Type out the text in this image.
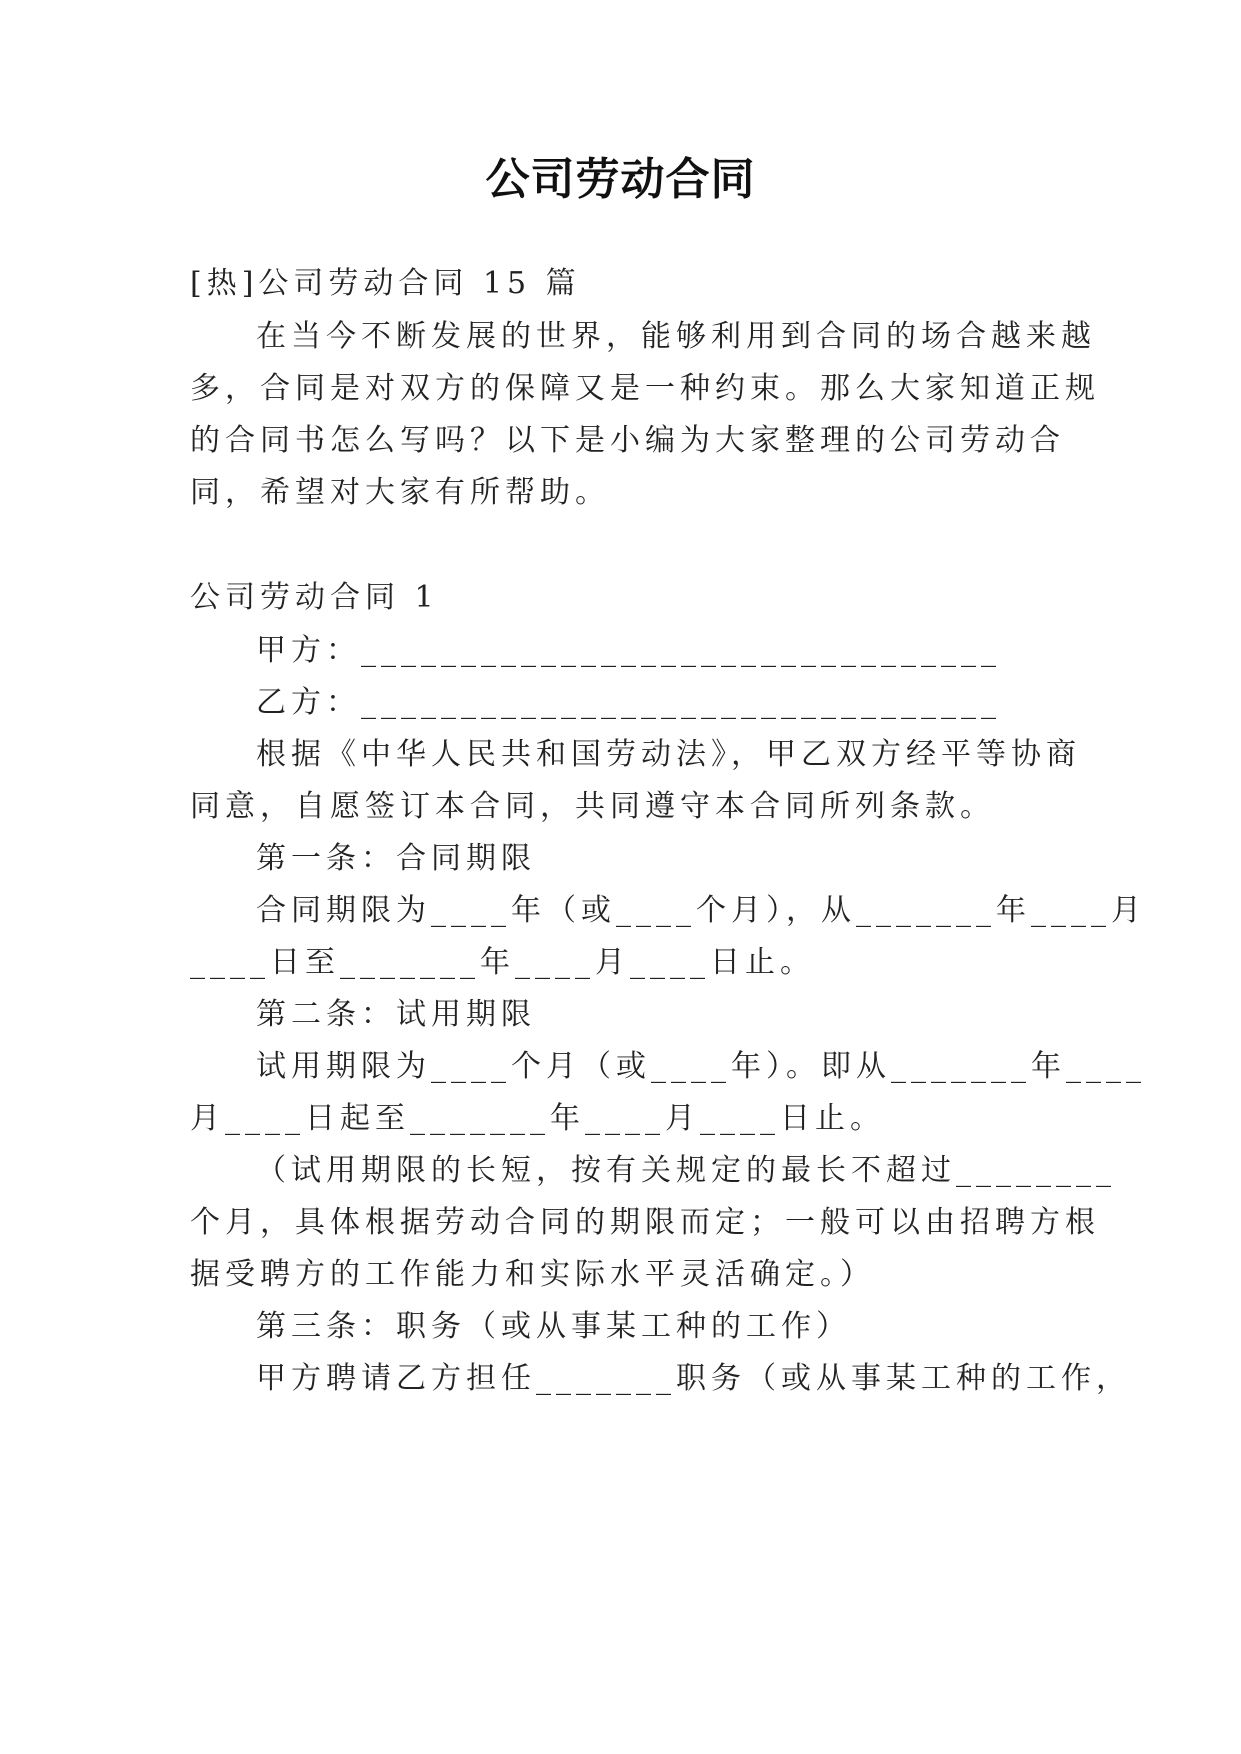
公司劳动合同
[热]公司劳动合同 15 篇
在当今不断发展的世界，能够利用到合同的场合越来越
多，合同是对双方的保障又是一种约束。那么大家知道正规
的合同书怎么写吗？以下是小编为大家整理的公司劳动合
同，希望对大家有所帮助。
公司劳动合同 1
甲方：________________________________
乙方：________________________________
根据《中华人民共和国劳动法》，甲乙双方经平等协商
同意，自愿签订本合同，共同遵守本合同所列条款。
第一条：合同期限
合同期限为____年（或____个月），从_______年____月
____日至_______年____月____日止。
第二条：试用期限
试用期限为____个月（或____年）。即从_______年____
月____日起至_______年____月____日止。
（试用期限的长短，按有关规定的最长不超过________
个月，具体根据劳动合同的期限而定；一般可以由招聘方根
据受聘方的工作能力和实际水平灵活确定。）
第三条：职务（或从事某工种的工作）
甲方聘请乙方担任_______职务（或从事某工种的工作，
